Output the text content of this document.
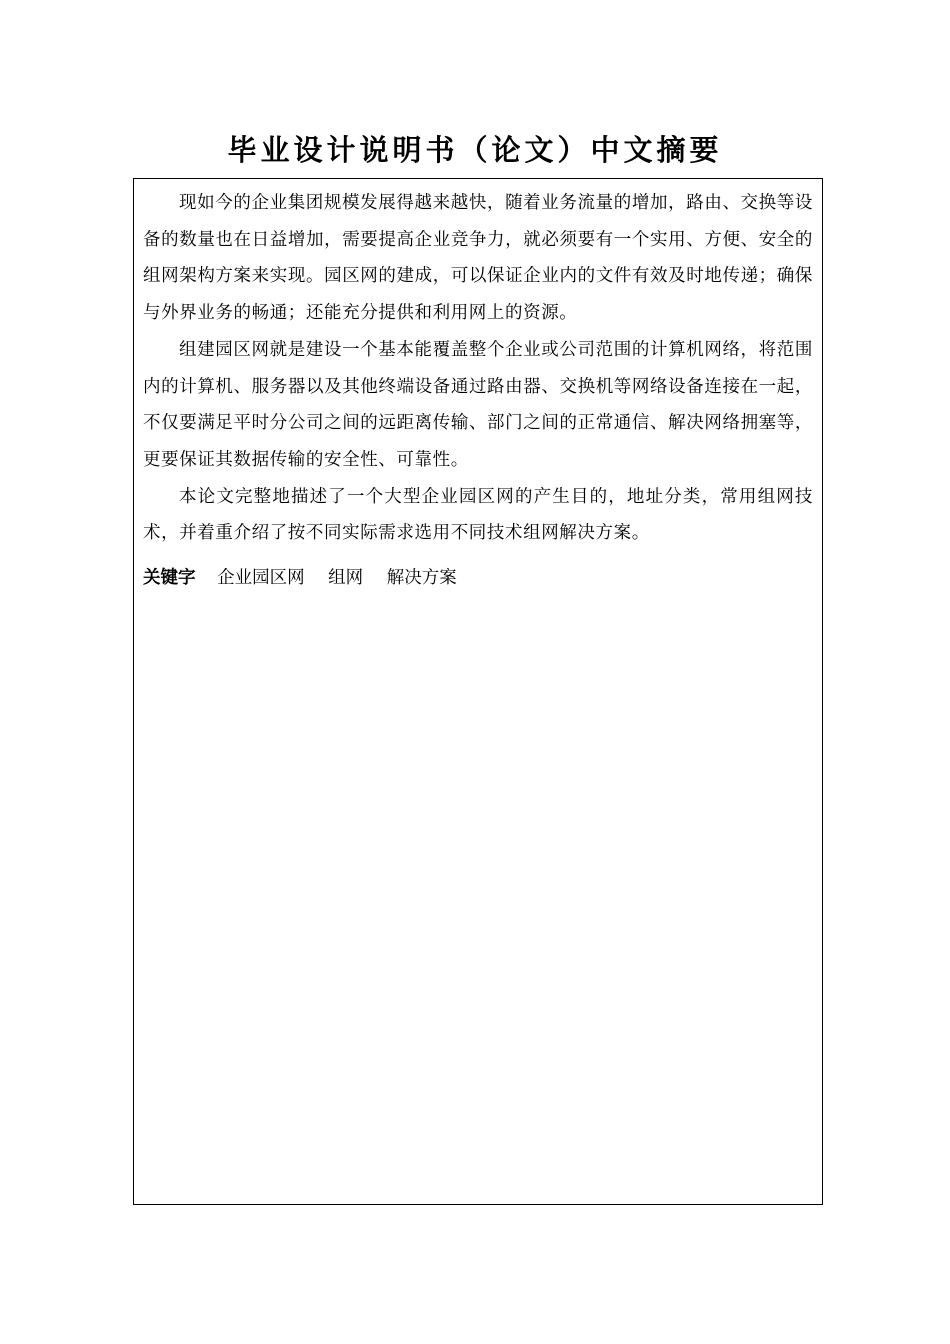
毕业设计说明书（论文）中文摘要

现如今的企业集团规模发展得越来越快，随着业务流量的增加，路由、交换等设备的数量也在日益增加，需要提高企业竞争力，就必须要有一个实用、方便、安全的组网架构方案来实现。园区网的建成，可以保证企业内的文件有效及时地传递；确保与外界业务的畅通；还能充分提供和利用网上的资源。

组建园区网就是建设一个基本能覆盖整个企业或公司范围的计算机网络，将范围内的计算机、服务器以及其他终端设备通过路由器、交换机等网络设备连接在一起，不仅要满足平时分公司之间的远距离传输、部门之间的正常通信、解决网络拥塞等，更要保证其数据传输的安全性、可靠性。

本论文完整地描述了一个大型企业园区网的产生目的，地址分类，常用组网技术，并着重介绍了按不同实际需求选用不同技术组网解决方案。

关键字 企业园区网 组网 解决方案
